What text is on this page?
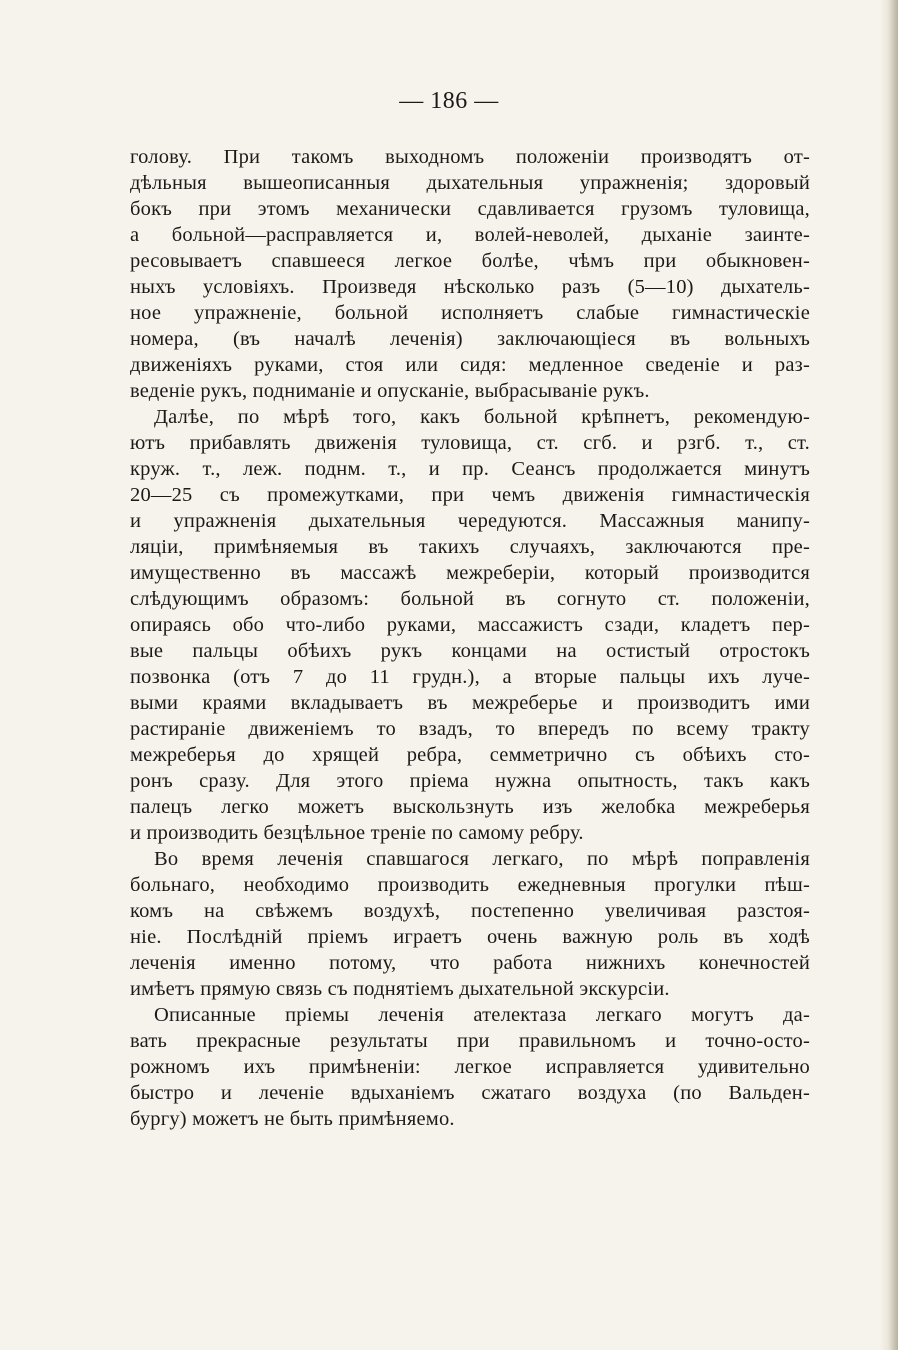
— 186 —
голову. При такомъ выходномъ положенiи производятъ от-
дѣльныя вышеописанныя дыхательныя упражненiя; здоровый
бокъ при этомъ механически сдавливается грузомъ туловища,
а больной—расправляется и, волей-неволей, дыханiе заинте-
ресовываетъ спавшееся легкое болѣе, чѣмъ при обыкновен-
ныхъ условiяхъ. Произведя нѣсколько разъ (5—10) дыхатель-
ное упражненiе, больной исполняетъ слабые гимнастическiе
номера, (въ началѣ леченiя) заключающiеся въ вольныхъ
движенiяхъ руками, стоя или сидя: медленное сведенiе и раз-
веденiе рукъ, подниманiе и опусканiе, выбрасыванiе рукъ.
Далѣе, по мѣрѣ того, какъ больной крѣпнетъ, рекомендую-
ютъ прибавлять движенiя туловища, ст. сгб. и рзгб. т., ст.
круж. т., леж. поднм. т., и пр. Сеансъ продолжается минутъ
20—25 съ промежутками, при чемъ движенiя гимнастическiя
и упражненiя дыхательныя чередуются. Массажныя манипу-
ляцiи, примѣняемыя въ такихъ случаяхъ, заключаются пре-
имущественно въ массажѣ межреберiи, который производится
слѣдующимъ образомъ: больной въ согнуто ст. положенiи,
опираясь обо что-либо руками, массажистъ сзади, кладетъ пер-
вые пальцы обѣихъ рукъ концами на остистый отростокъ
позвонка (отъ 7 до 11 грудн.), а вторые пальцы ихъ луче-
выми краями вкладываетъ въ межреберье и производитъ ими
растиранiе движенiемъ то взадъ, то впередъ по всему тракту
межреберья до хрящей ребра, семметрично съ обѣихъ сто-
ронъ сразу. Для этого прiема нужна опытность, такъ какъ
палецъ легко можетъ выскользнуть изъ желобка межреберья
и производить безцѣльное тренiе по самому ребру.
Во время леченiя спавшагося легкаго, по мѣрѣ поправленiя
больнаго, необходимо производить ежедневныя прогулки пѣш-
комъ на свѣжемъ воздухѣ, постепенно увеличивая разстоя-
нiе. Послѣднiй прiемъ играетъ очень важную роль въ ходѣ
леченiя именно потому, что работа нижнихъ конечностей
имѣетъ прямую связь съ поднятiемъ дыхательной экскурсiи.
Описанные прiемы леченiя ателектаза легкаго могутъ да-
вать прекрасные результаты при правильномъ и точно-осто-
рожномъ ихъ примѣненiи: легкое исправляется удивительно
быстро и леченiе вдыханiемъ сжатаго воздуха (по Вальден-
бургу) можетъ не быть примѣняемо.
